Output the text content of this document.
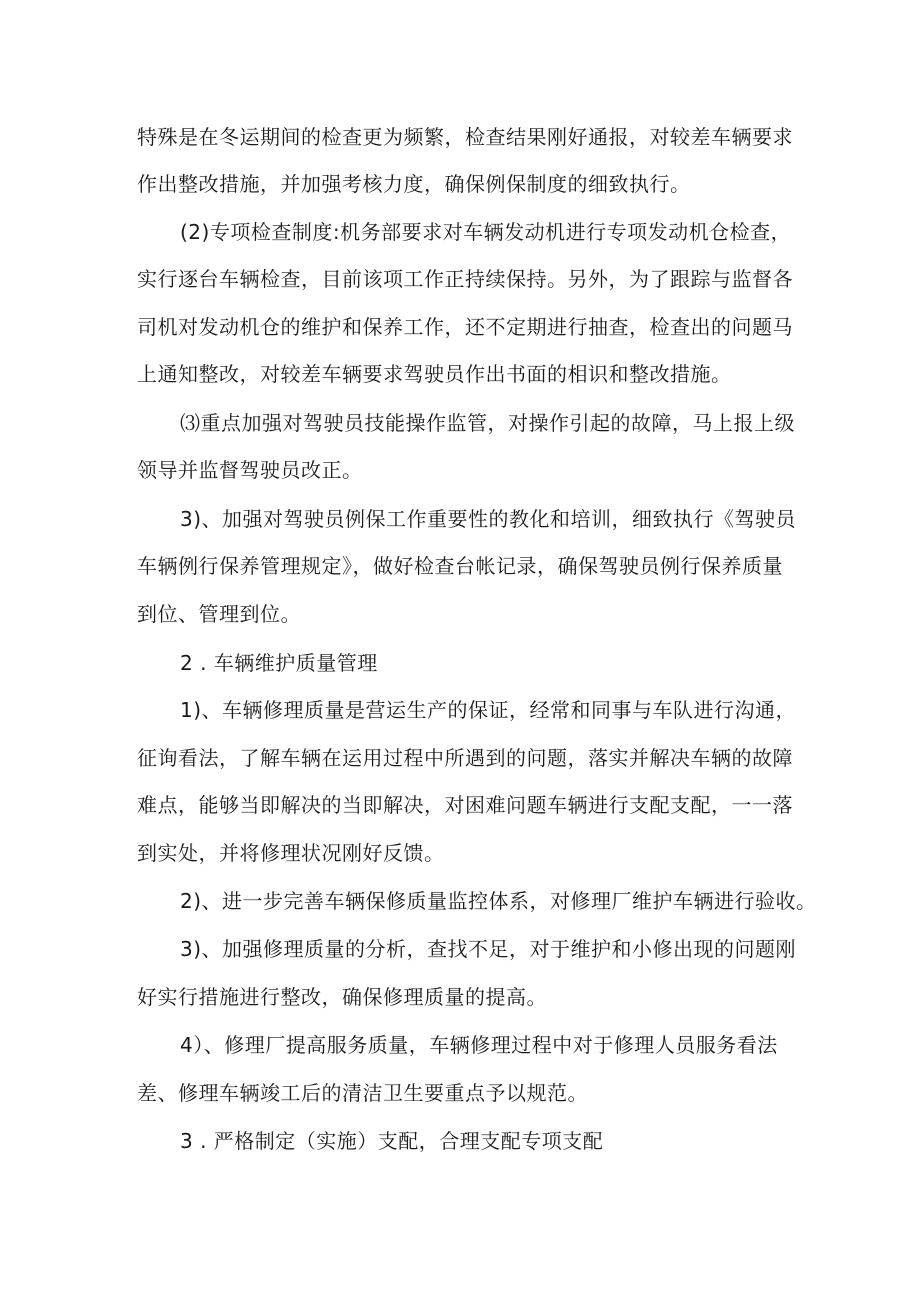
特殊是在冬运期间的检查更为频繁，检查结果刚好通报，对较差车辆要求
作出整改措施，并加强考核力度，确保例保制度的细致执行。
(2)专项检查制度:机务部要求对车辆发动机进行专项发动机仓检查，
实行逐台车辆检查，目前该项工作正持续保持。另外，为了跟踪与监督各
司机对发动机仓的维护和保养工作，还不定期进行抽查，检查出的问题马
上通知整改，对较差车辆要求驾驶员作出书面的相识和整改措施。
⑶重点加强对驾驶员技能操作监管，对操作引起的故障，马上报上级
领导并监督驾驶员改正。
3)、加强对驾驶员例保工作重要性的教化和培训，细致执行《驾驶员
车辆例行保养管理规定》，做好检查台帐记录，确保驾驶员例行保养质量
到位、管理到位。
2 . 车辆维护质量管理
1)、车辆修理质量是营运生产的保证，经常和同事与车队进行沟通，
征询看法，了解车辆在运用过程中所遇到的问题，落实并解决车辆的故障
难点，能够当即解决的当即解决，对困难问题车辆进行支配支配，一一落
到实处，并将修理状况刚好反馈。
2)、进一步完善车辆保修质量监控体系，对修理厂维护车辆进行验收。
3)、加强修理质量的分析，查找不足，对于维护和小修出现的问题刚
好实行措施进行整改，确保修理质量的提高。
4）、修理厂提高服务质量，车辆修理过程中对于修理人员服务看法
差、修理车辆竣工后的清洁卫生要重点予以规范。
3 . 严格制定（实施）支配，合理支配专项支配
